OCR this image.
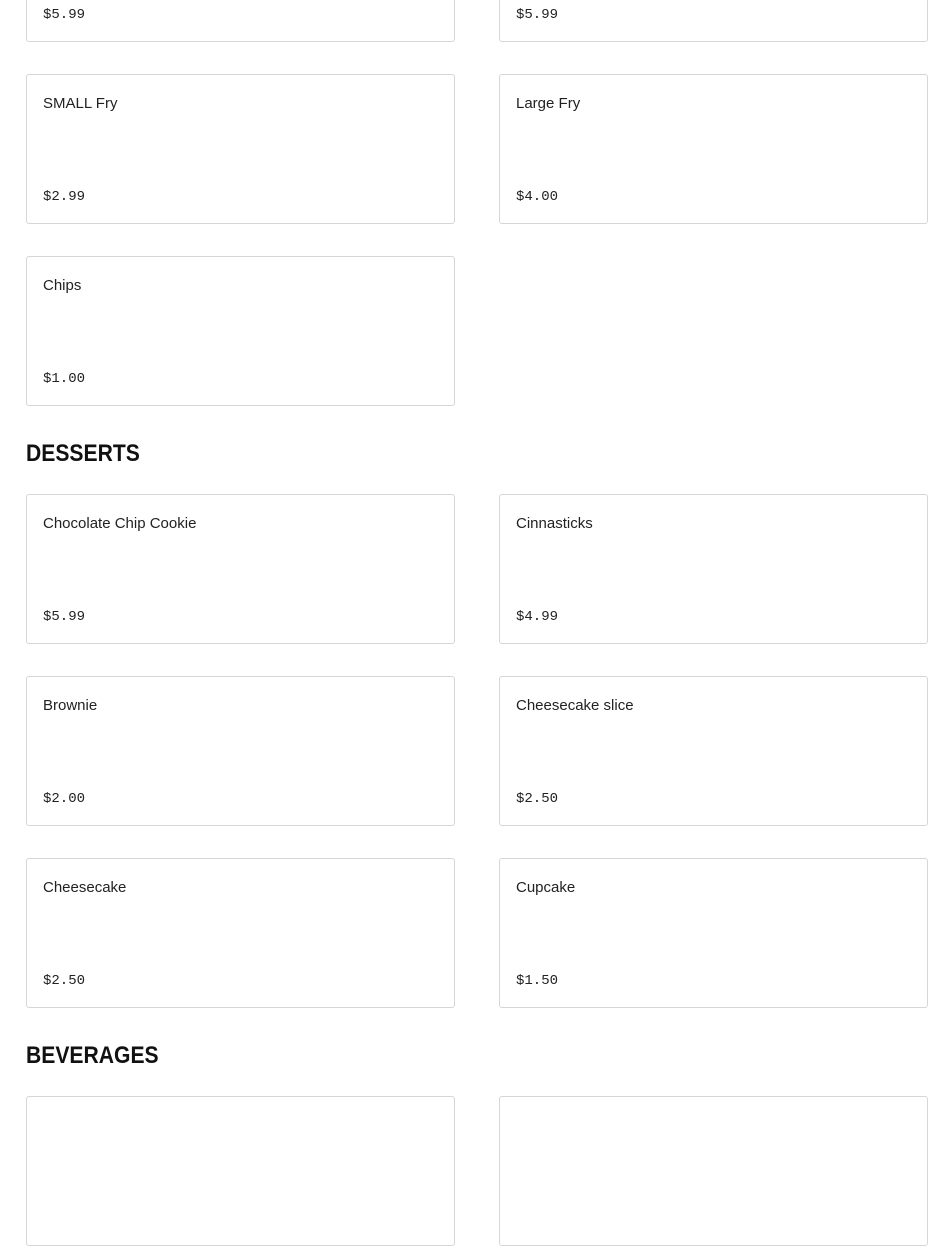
$5.99	$5.99
SMALL Fry
$2.99
Large Fry
$4.00
Chips
$1.00
DESSERTS
Chocolate Chip Cookie
$5.99
Cinnasticks
$4.99
Brownie
$2.00
Cheesecake slice
$2.50
Cheesecake
$2.50
Cupcake
$1.50
BEVERAGES
